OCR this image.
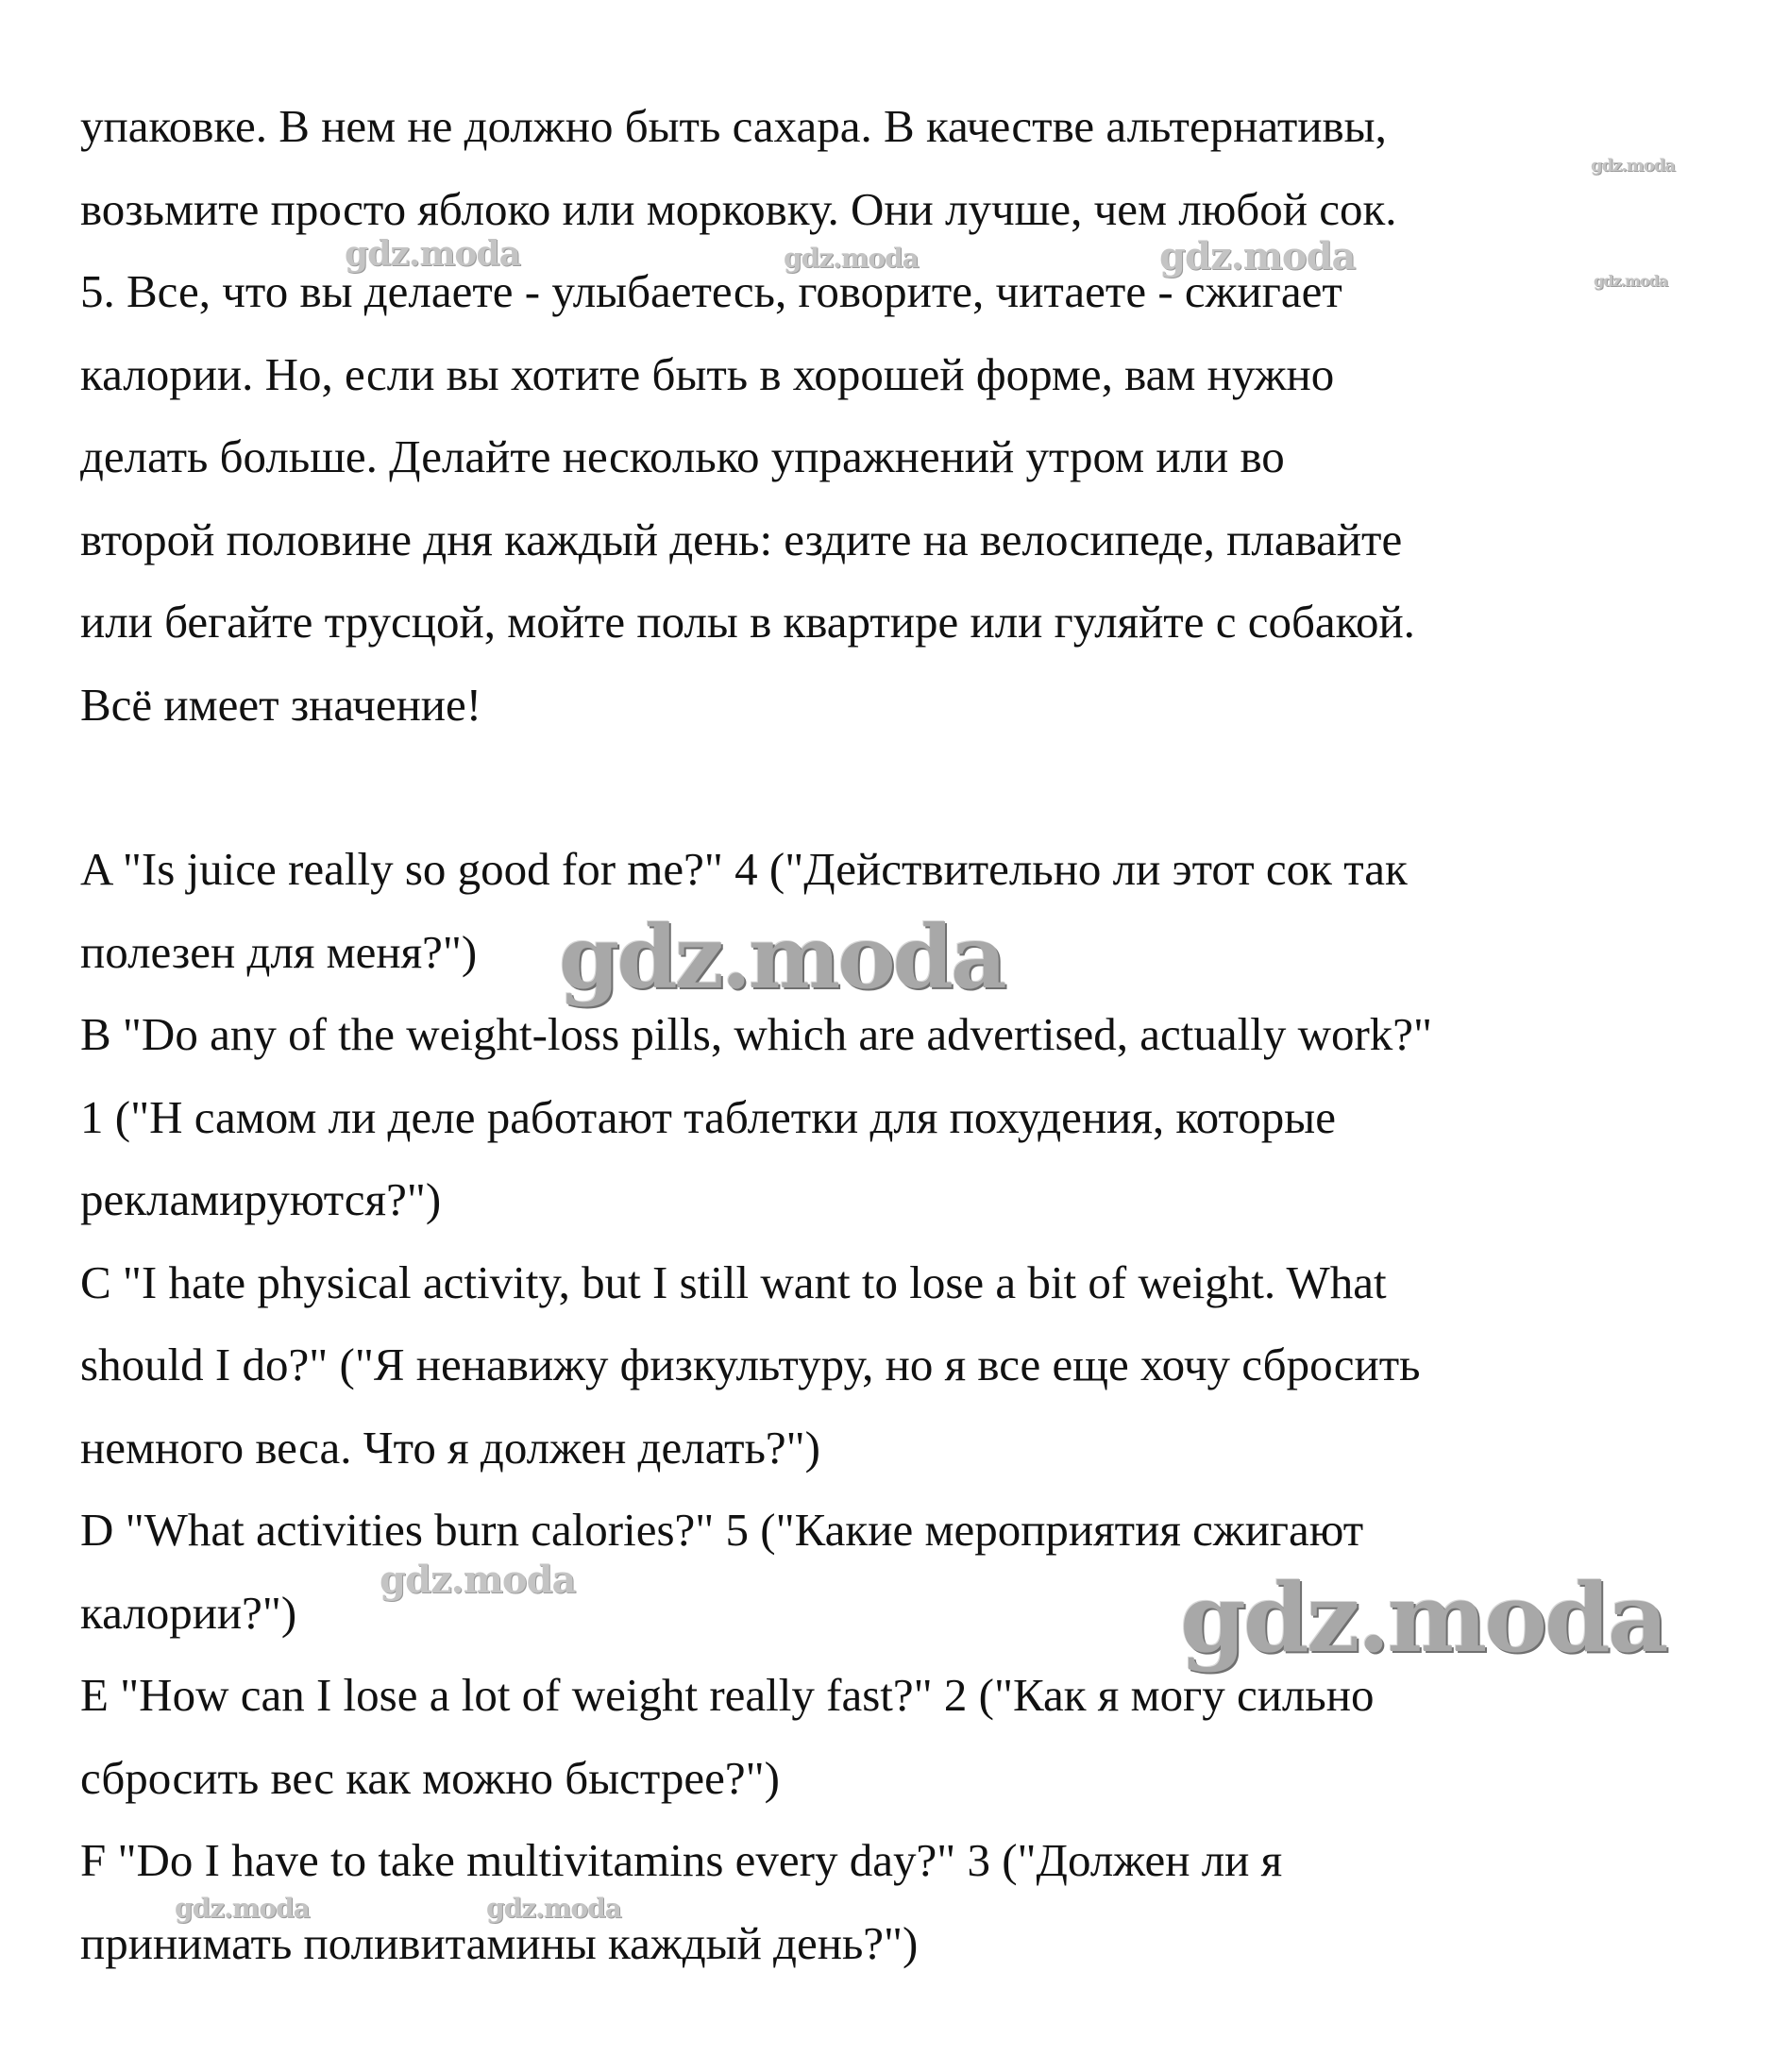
упаковке. В нем не должно быть сахара. В качестве альтернативы,
возьмите просто яблоко или морковку. Они лучше, чем любой сок.
5. Все, что вы делаете - улыбаетесь, говорите, читаете - сжигает
калории. Но, если вы хотите быть в хорошей форме, вам нужно
делать больше. Делайте несколько упражнений утром или во
второй половине дня каждый день: ездите на велосипеде, плавайте
или бегайте трусцой, мойте полы в квартире или гуляйте с собакой.
Всё имеет значение!
A "Is juice really so good for me?" 4 ("Действительно ли этот сок так
полезен для меня?")
B "Do any of the weight-loss pills, which are advertised, actually work?"
1 ("Н самом ли деле работают таблетки для похудения, которые
рекламируются?")
C "I hate physical activity, but I still want to lose a bit of weight. What
should I do?" ("Я ненавижу физкультуру, но я все еще хочу сбросить
немного веса. Что я должен делать?")
D "What activities burn calories?" 5 ("Какие мероприятия сжигают
калории?")
E "How can I lose a lot of weight really fast?" 2 ("Как я могу сильно
сбросить вес как можно быстрее?")
F "Do I have to take multivitamins every day?" 3 ("Должен ли я
принимать поливитамины каждый день?")
gdz.moda
gdz.moda	gdz.moda	gdz.moda
gdz.moda
gdz.moda
gdz.moda	gdz.moda
gdz.moda	gdz.moda
